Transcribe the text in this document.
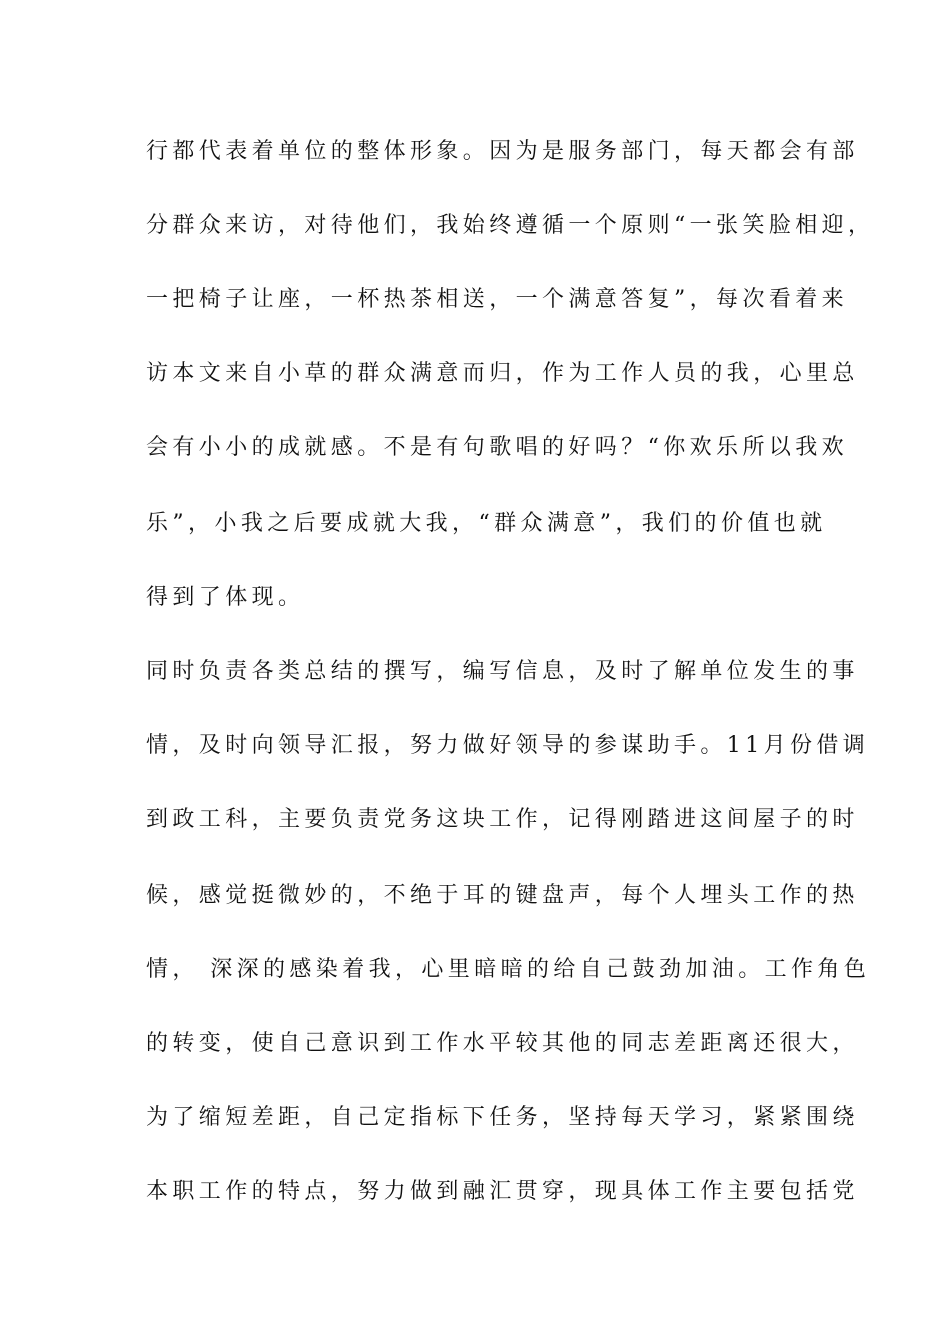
行都代表着单位的整体形象。因为是服务部门，每天都会有部
分群众来访，对待他们，我始终遵循一个原则“一张笑脸相迎，
一把椅子让座，一杯热茶相送，一个满意答复”，每次看着来
访本文来自小草的群众满意而归，作为工作人员的我，心里总
会有小小的成就感。不是有句歌唱的好吗？“你欢乐所以我欢
乐”，小我之后要成就大我，“群众满意”，我们的价值也就
得到了体现。
同时负责各类总结的撰写，编写信息，及时了解单位发生的事
情，及时向领导汇报，努力做好领导的参谋助手。11月份借调
到政工科，主要负责党务这块工作，记得刚踏进这间屋子的时
候，感觉挺微妙的，不绝于耳的键盘声，每个人埋头工作的热
情， 深深的感染着我，心里暗暗的给自己鼓劲加油。工作角色
的转变，使自己意识到工作水平较其他的同志差距离还很大，
为了缩短差距，自己定指标下任务，坚持每天学习，紧紧围绕
本职工作的特点，努力做到融汇贯穿，现具体工作主要包括党
